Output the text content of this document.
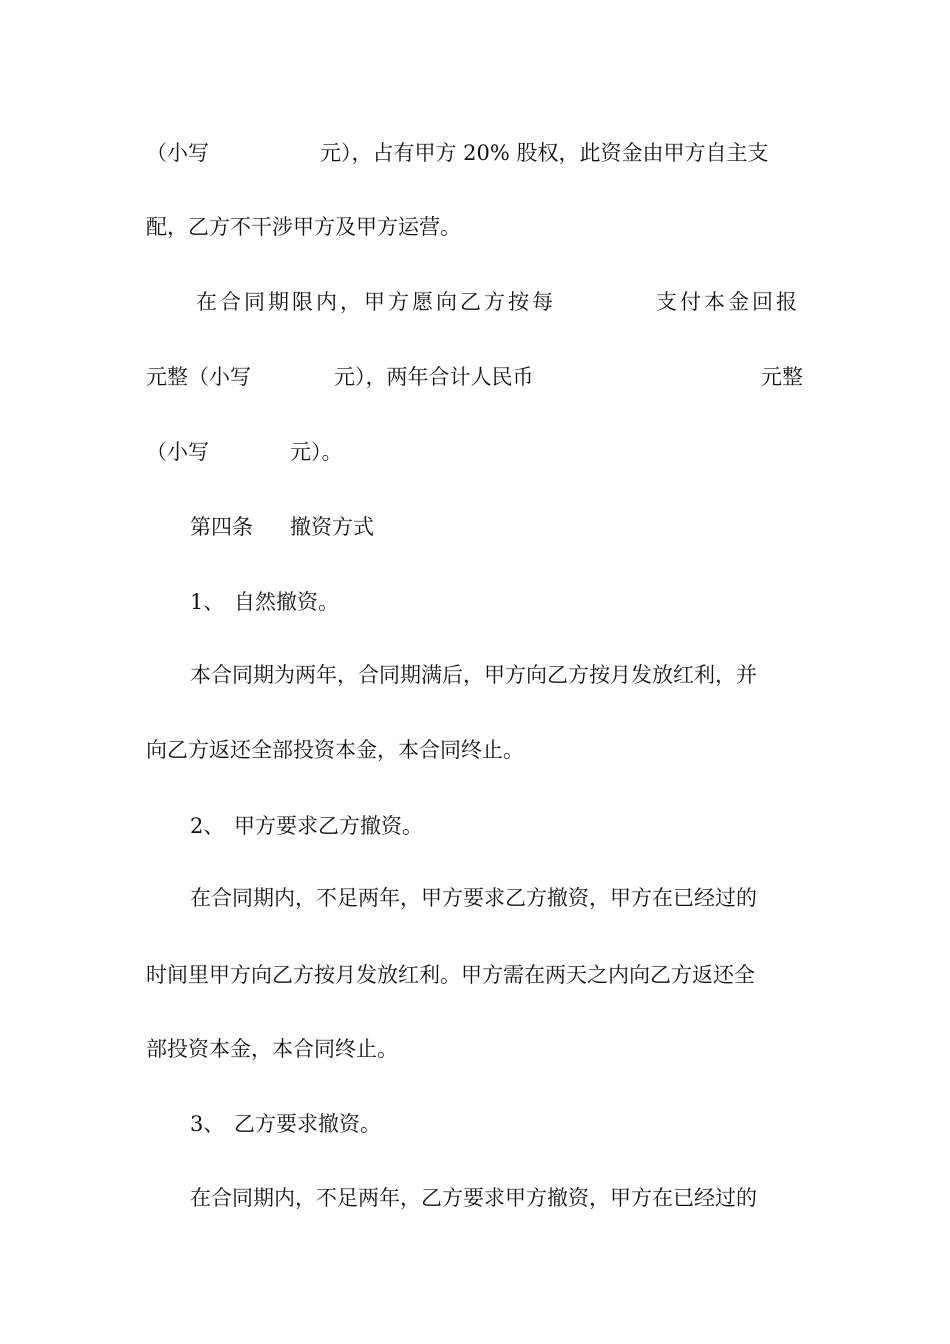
（小写	元），占有甲方 20% 股权，此资金由甲方自主支
配，乙方不干涉甲方及甲方运营。
在合同期限内，甲方愿向乙方按每	支付本金回报
元整（小写	元），两年合计人民币	元整
（小写	元）。
第四条 撤资方式
1、 自然撤资。
本合同期为两年，合同期满后，甲方向乙方按月发放红利，并
向乙方返还全部投资本金，本合同终止。
2、 甲方要求乙方撤资。
在合同期内，不足两年，甲方要求乙方撤资，甲方在已经过的
时间里甲方向乙方按月发放红利。甲方需在两天之内向乙方返还全
部投资本金，本合同终止。
3、 乙方要求撤资。
在合同期内，不足两年，乙方要求甲方撤资，甲方在已经过的
